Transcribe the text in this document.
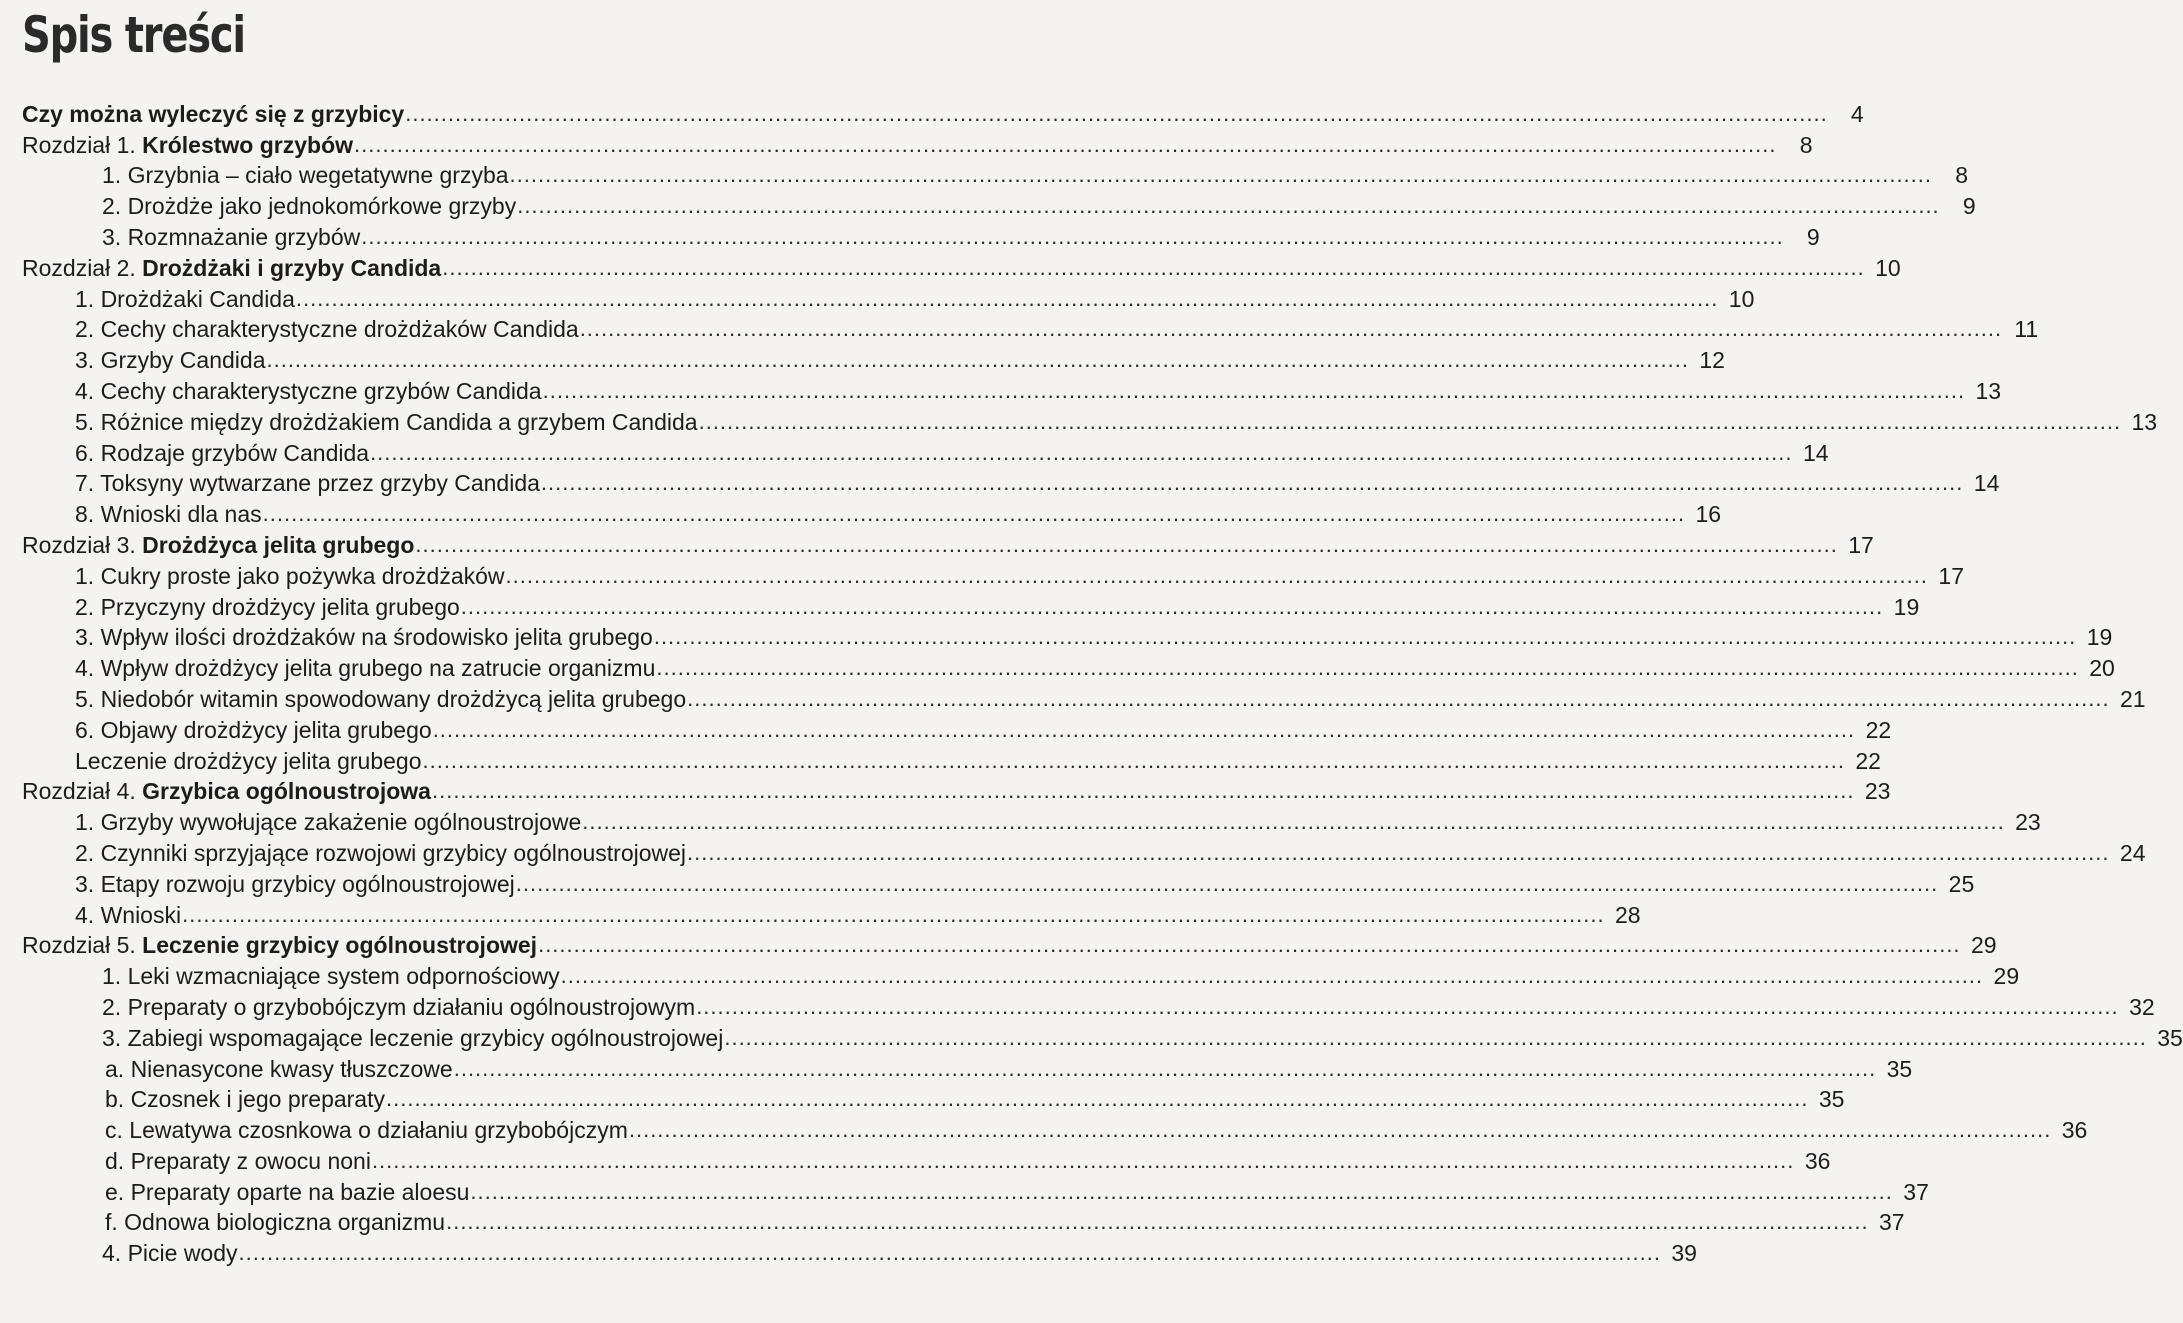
Spis treści
Czy można wyleczyć się z grzybicy ........................................................................................................................................................................................................	4
Rozdział 1. Królestwo grzybów ........................................................................................................................................................................................................	8
1. Grzybnia – ciało wegetatywne grzyba ........................................................................................................................................................................................................	8
2. Drożdże jako jednokomórkowe grzyby ........................................................................................................................................................................................................	9
3. Rozmnażanie grzybów ........................................................................................................................................................................................................	9
Rozdział 2. Drożdżaki i grzyby Candida ........................................................................................................................................................................................................ 10
1. Drożdżaki Candida ........................................................................................................................................................................................................ 10
2. Cechy charakterystyczne drożdżaków Candida ........................................................................................................................................................................................................ 11
3. Grzyby Candida ........................................................................................................................................................................................................ 12
4. Cechy charakterystyczne grzybów Candida ........................................................................................................................................................................................................ 13
5. Różnice między drożdżakiem Candida a grzybem Candida ........................................................................................................................................................................................................ 13
6. Rodzaje grzybów Candida ........................................................................................................................................................................................................ 14
7. Toksyny wytwarzane przez grzyby Candida ........................................................................................................................................................................................................ 14
8. Wnioski dla nas ........................................................................................................................................................................................................ 16
Rozdział 3. Drożdżyca jelita grubego ........................................................................................................................................................................................................ 17
1. Cukry proste jako pożywka drożdżaków ........................................................................................................................................................................................................ 17
2. Przyczyny drożdżycy jelita grubego ........................................................................................................................................................................................................ 19
3. Wpływ ilości drożdżaków na środowisko jelita grubego ........................................................................................................................................................................................................ 19
4. Wpływ drożdżycy jelita grubego na zatrucie organizmu ........................................................................................................................................................................................................ 20
5. Niedobór witamin spowodowany drożdżycą jelita grubego ........................................................................................................................................................................................................ 21
6. Objawy drożdżycy jelita grubego ........................................................................................................................................................................................................ 22
Leczenie drożdżycy jelita grubego ........................................................................................................................................................................................................ 22
Rozdział 4. Grzybica ogólnoustrojowa ........................................................................................................................................................................................................ 23
1. Grzyby wywołujące zakażenie ogólnoustrojowe ........................................................................................................................................................................................................ 23
2. Czynniki sprzyjające rozwojowi grzybicy ogólnoustrojowej ........................................................................................................................................................................................................ 24
3. Etapy rozwoju grzybicy ogólnoustrojowej ........................................................................................................................................................................................................ 25
4. Wnioski ........................................................................................................................................................................................................ 28
Rozdział 5. Leczenie grzybicy ogólnoustrojowej ........................................................................................................................................................................................................ 29
1. Leki wzmacniające system odpornościowy ........................................................................................................................................................................................................ 29
2. Preparaty o grzybobójczym działaniu ogólnoustrojowym ........................................................................................................................................................................................................ 32
3. Zabiegi wspomagające leczenie grzybicy ogólnoustrojowej ........................................................................................................................................................................................................ 35
a. Nienasycone kwasy tłuszczowe ........................................................................................................................................................................................................ 35
b. Czosnek i jego preparaty ........................................................................................................................................................................................................ 35
c. Lewatywa czosnkowa o działaniu grzybobójczym ........................................................................................................................................................................................................ 36
d. Preparaty z owocu noni ........................................................................................................................................................................................................ 36
e. Preparaty oparte na bazie aloesu ........................................................................................................................................................................................................ 37
f. Odnowa biologiczna organizmu ........................................................................................................................................................................................................ 37
4. Picie wody ........................................................................................................................................................................................................ 39
